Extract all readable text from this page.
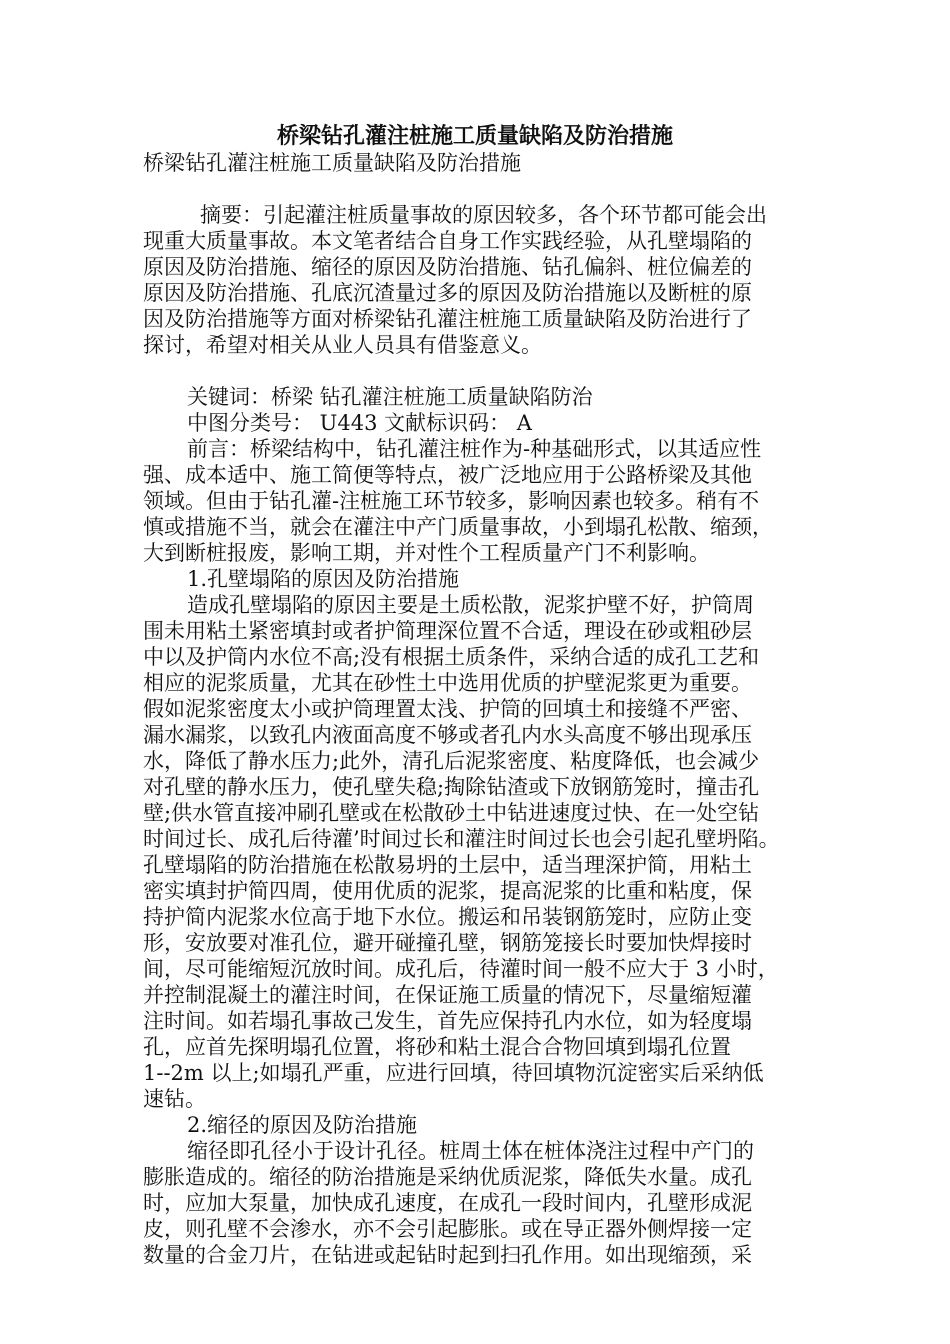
桥梁钻孔灌注桩施工质量缺陷及防治措施
桥梁钻孔灌注桩施工质量缺陷及防治措施
摘要：引起灌注桩质量事故的原因较多，各个环节都可能会出
现重大质量事故。本文笔者结合自身工作实践经验，从孔壁塌陷的
原因及防治措施、缩径的原因及防治措施、钻孔偏斜、桩位偏差的
原因及防治措施、孔底沉渣量过多的原因及防治措施以及断桩的原
因及防治措施等方面对桥梁钻孔灌注桩施工质量缺陷及防治进行了
探讨，希望对相关从业人员具有借鉴意义。
关键词：桥梁 钻孔灌注桩施工质量缺陷防治
中图分类号： U443 文献标识码： A
前言：桥梁结构中，钻孔灌注桩作为-种基础形式，以其适应性
强、成本适中、施工简便等特点，被广泛地应用于公路桥梁及其他
领域。但由于钻孔灌-注桩施工环节较多，影响因素也较多。稍有不
慎或措施不当，就会在灌注中产门质量事故，小到塌孔松散、缩颈，
大到断桩报废，影响工期，并对性个工程质量产门不利影响。
1.孔壁塌陷的原因及防治措施
造成孔壁塌陷的原因主要是土质松散，泥浆护壁不好，护筒周
围未用粘土紧密填封或者护简理深位置不合适，理设在砂或粗砂层
中以及护筒内水位不高;没有根据土质条件，采纳合适的成孔工艺和
相应的泥浆质量，尤其在砂性土中选用优质的护壁泥浆更为重要。
假如泥浆密度太小或护筒理置太浅、护筒的回填土和接缝不严密、
漏水漏浆，以致孔内液面高度不够或者孔内水头高度不够出现承压
水，降低了静水压力;此外，清孔后泥浆密度、粘度降低，也会减少
对孔壁的静水压力，使孔壁失稳;掏除钻渣或下放钢筋笼时，撞击孔
壁;供水管直接冲刷孔壁或在松散砂土中钻进速度过快、在一处空钻
时间过长、成孔后待灌’时间过长和灌注时间过长也会引起孔壁坍陷。
孔壁塌陷的防治措施在松散易坍的土层中，适当理深护简，用粘土
密实填封护简四周，使用优质的泥浆，提高泥浆的比重和粘度，保
持护简内泥浆水位高于地下水位。搬运和吊装钢筋笼时，应防止变
形，安放要对准孔位，避开碰撞孔壁，钢筋笼接长时要加快焊接时
间，尽可能缩短沉放时间。成孔后，待灌时间一般不应大于 3 小时，
并控制混凝土的灌注时间，在保证施工质量的情况下，尽量缩短灌
注时间。如若塌孔事故己发生，首先应保持孔内水位，如为轻度塌
孔，应首先探明塌孔位置，将砂和粘土混合合物回填到塌孔位置
1--2m 以上;如塌孔严重，应进行回填，待回填物沉淀密实后采纳低
速钻。
2.缩径的原因及防治措施
缩径即孔径小于设计孔径。桩周土体在桩体浇注过程中产门的
膨胀造成的。缩径的防治措施是采纳优质泥浆，降低失水量。成孔
时，应加大泵量，加快成孔速度，在成孔一段时间内，孔壁形成泥
皮，则孔壁不会渗水，亦不会引起膨胀。或在导正器外侧焊接一定
数量的合金刀片，在钻进或起钻时起到扫孔作用。如出现缩颈，采
